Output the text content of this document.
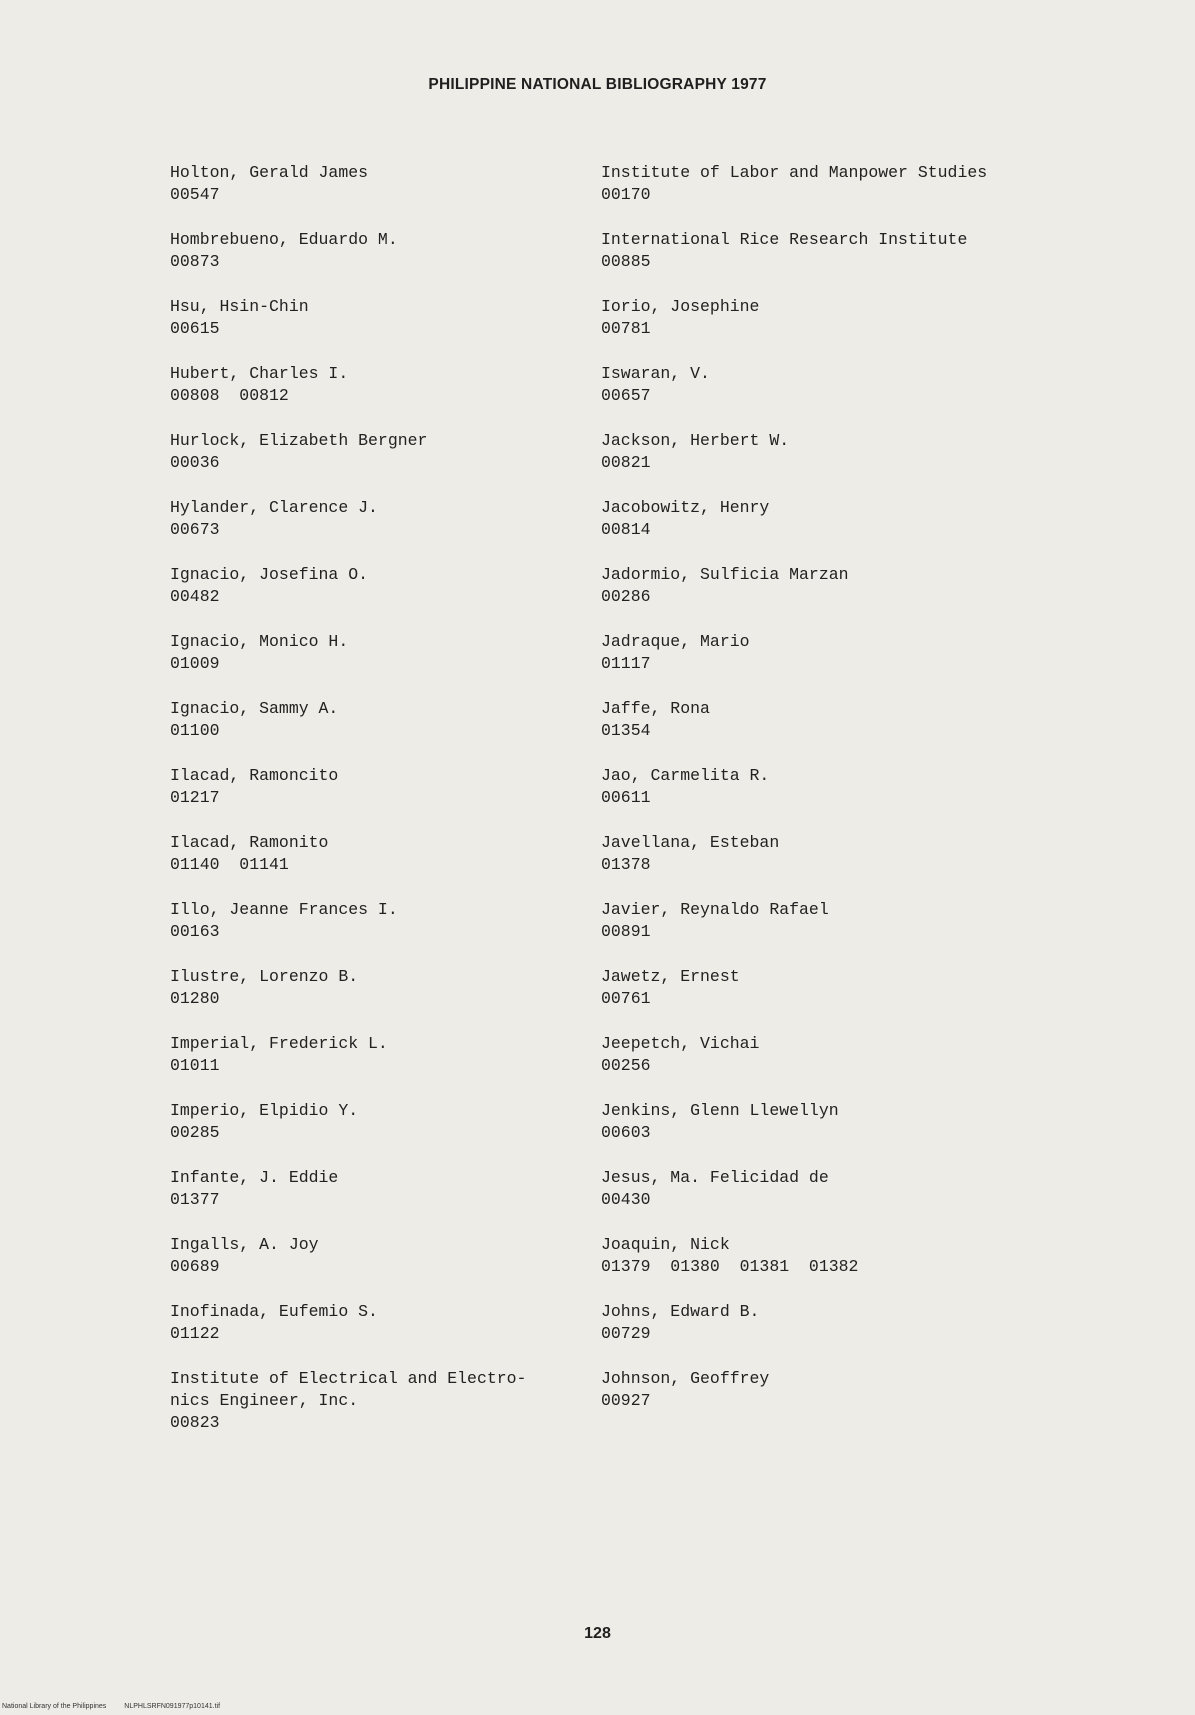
PHILIPPINE NATIONAL BIBLIOGRAPHY 1977
Holton, Gerald James
00547
Hombrebueno, Eduardo M.
00873
Hsu, Hsin-Chin
00615
Hubert, Charles I.
00808  00812
Hurlock, Elizabeth Bergner
00036
Hylander, Clarence J.
00673
Ignacio, Josefina O.
00482
Ignacio, Monico H.
01009
Ignacio, Sammy A.
01100
Ilacad, Ramoncito
01217
Ilacad, Ramonito
01140  01141
Illo, Jeanne Frances I.
00163
Ilustre, Lorenzo B.
01280
Imperial, Frederick L.
01011
Imperio, Elpidio Y.
00285
Infante, J. Eddie
01377
Ingalls, A. Joy
00689
Inofinada, Eufemio S.
01122
Institute of Electrical and Electro-
nics Engineer, Inc.
00823
Institute of Labor and Manpower Studies
00170
International Rice Research Institute
00885
Iorio, Josephine
00781
Iswaran, V.
00657
Jackson, Herbert W.
00821
Jacobowitz, Henry
00814
Jadormio, Sulficia Marzan
00286
Jadraque, Mario
01117
Jaffe, Rona
01354
Jao, Carmelita R.
00611
Javellana, Esteban
01378
Javier, Reynaldo Rafael
00891
Jawetz, Ernest
00761
Jeepetch, Vichai
00256
Jenkins, Glenn Llewellyn
00603
Jesus, Ma. Felicidad de
00430
Joaquin, Nick
01379  01380  01381  01382
Johns, Edward B.
00729
Johnson, Geoffrey
00927
128
National Library of the Philippines	NLPHLSRFN091977p10141.tif
